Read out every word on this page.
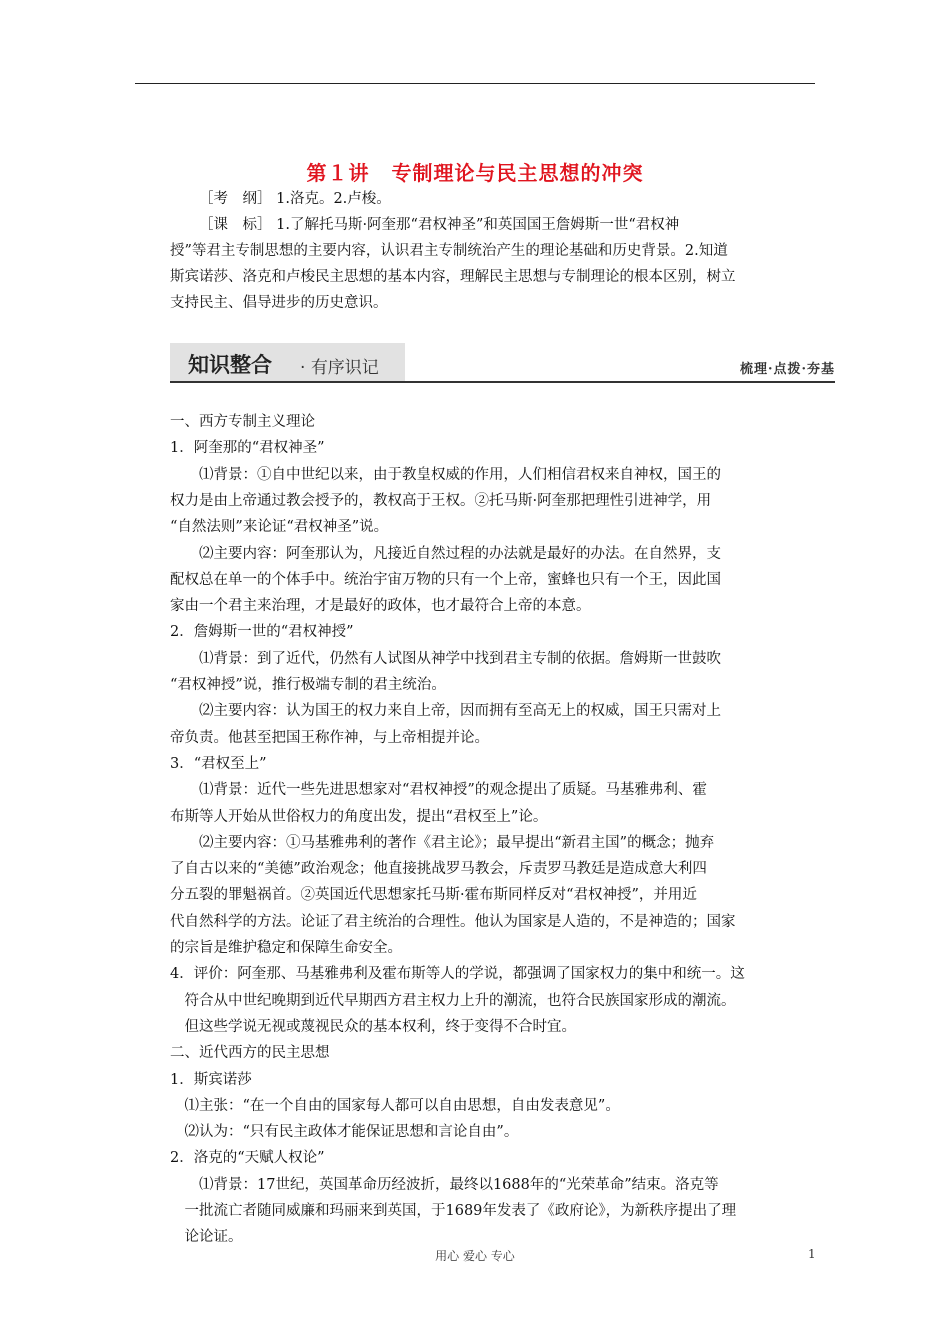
第１讲 专制理论与民主思想的冲突
［考　纲］ 1.洛克。2.卢梭。
［课　标］ 1.了解托马斯·阿奎那“君权神圣”和英国国王詹姆斯一世“君权神
授”等君主专制思想的主要内容，认识君主专制统治产生的理论基础和历史背景。2.知道
斯宾诺莎、洛克和卢梭民主思想的基本内容，理解民主思想与专制理论的根本区别，树立
支持民主、倡导进步的历史意识。
知识整合 · 有序识记	梳理·点拨·夯基
一、西方专制主义理论
1．阿奎那的“君权神圣”
　　⑴背景：①自中世纪以来，由于教皇权威的作用，人们相信君权来自神权，国王的
权力是由上帝通过教会授予的，教权高于王权。②托马斯·阿奎那把理性引进神学，用
“自然法则”来论证“君权神圣”说。
　　⑵主要内容：阿奎那认为，凡接近自然过程的办法就是最好的办法。在自然界，支
配权总在单一的个体手中。统治宇宙万物的只有一个上帝，蜜蜂也只有一个王，因此国
家由一个君主来治理，才是最好的政体，也才最符合上帝的本意。
2．詹姆斯一世的“君权神授”
　　⑴背景：到了近代，仍然有人试图从神学中找到君主专制的依据。詹姆斯一世鼓吹
“君权神授”说，推行极端专制的君主统治。
　　⑵主要内容：认为国王的权力来自上帝，因而拥有至高无上的权威，国王只需对上
帝负责。他甚至把国王称作神，与上帝相提并论。
3．“君权至上”
　　⑴背景：近代一些先进思想家对“君权神授”的观念提出了质疑。马基雅弗利、霍
布斯等人开始从世俗权力的角度出发，提出“君权至上”论。
　　⑵主要内容：①马基雅弗利的著作《君主论》；最早提出“新君主国”的概念；抛弃
了自古以来的“美德”政治观念；他直接挑战罗马教会，斥责罗马教廷是造成意大利四
分五裂的罪魁祸首。②英国近代思想家托马斯·霍布斯同样反对“君权神授”，并用近
代自然科学的方法。论证了君主统治的合理性。他认为国家是人造的，不是神造的；国家
的宗旨是维护稳定和保障生命安全。
4．评价：阿奎那、马基雅弗利及霍布斯等人的学说，都强调了国家权力的集中和统一。这
　符合从中世纪晚期到近代早期西方君主权力上升的潮流，也符合民族国家形成的潮流。
　但这些学说无视或蔑视民众的基本权利，终于变得不合时宜。
二、近代西方的民主思想
1．斯宾诺莎
　⑴主张：“在一个自由的国家每人都可以自由思想，自由发表意见”。
　⑵认为：“只有民主政体才能保证思想和言论自由”。
2．洛克的“天赋人权论”
　　⑴背景：17世纪，英国革命历经波折，最终以1688年的“光荣革命”结束。洛克等
　一批流亡者随同威廉和玛丽来到英国，于1689年发表了《政府论》，为新秩序提出了理
　论论证。
用心 爱心 专心	1
